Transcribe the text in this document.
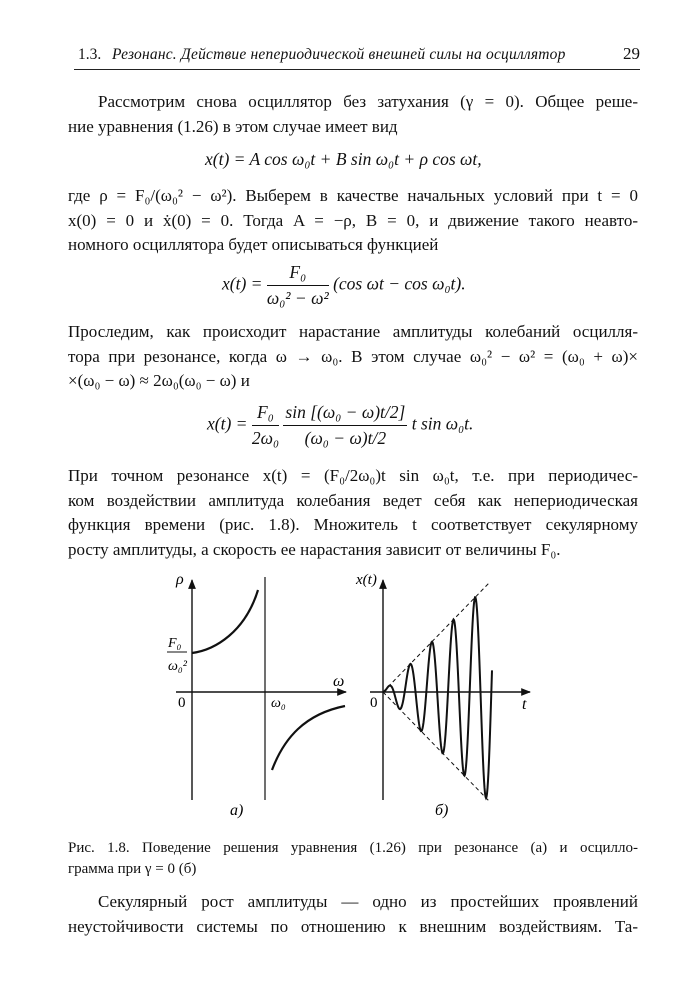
1.3. Резонанс. Действие непериодической внешней силы на осциллятор	29
Рассмотрим снова осциллятор без затухания (γ = 0). Общее реше-
ние уравнения (1.26) в этом случае имеет вид
x(t) = A cos ω₀t + B sin ω₀t + ρ cos ωt,
где ρ = F₀/(ω₀² − ω²). Выберем в качестве начальных условий при t = 0
x(0) = 0 и ẋ(0) = 0. Тогда A = −ρ, B = 0, и движение такого неавто-
номного осциллятора будет описываться функцией
$x(t) = \frac{\text{F₀}}{\text{ω₀² − ω²}} (\cos$ ωt − cos ω₀t).
Проследим, как происходит нарастание амплитуды колебаний осцилля-
тора при резонансе, когда ω → ω₀. В этом случае ω₀² − ω² = (ω₀ + ω)×
×(ω₀ − ω) ≈ 2ω₀(ω₀ − ω) и
$x(t) = \frac{\text{F₀}}{\text{2ω₀}}$
$\frac{\text{sin [(ω₀ − ω)t/2]}}{\text{(ω₀ − ω)t/2}}$ t sin ω₀t.
При точном резонансе x(t) = (F₀/2ω₀)t sin ω₀t, т.е. при периодичес-
ком воздействии амплитуда колебания ведет себя как непериодическая
функция времени (рис. 1.8). Множитель t соответствует секулярному
росту амплитуды, а скорость ее нарастания зависит от величины F₀.
ρ
ω
0	ω₀
F₀
ω₀²
а)
x(t)
t
0
б)
Рис. 1.8. Поведение решения уравнения (1.26) при резонансе (а) и осцилло-
грамма при γ = 0 (б)
Секулярный рост амплитуды — одно из простейших проявлений
неустойчивости системы по отношению к внешним воздействиям. Та-
